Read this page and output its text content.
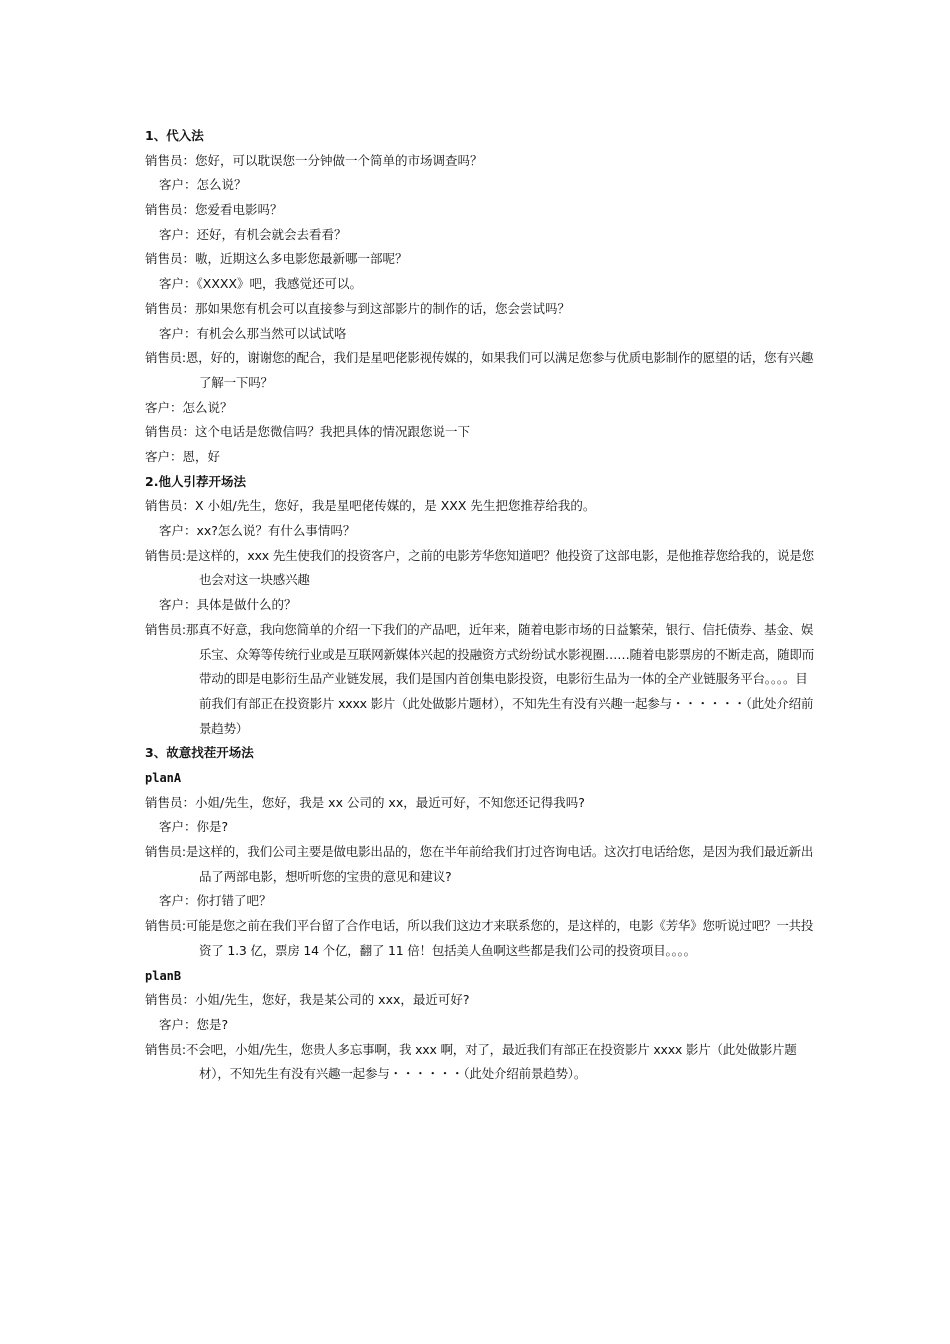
1、代入法
销售员：您好，可以耽误您一分钟做一个简单的市场调查吗？
客户：怎么说？
销售员：您爱看电影吗？
客户：还好，有机会就会去看看？
销售员：嗷，近期这么多电影您最新哪一部呢？
客户：《XXXX》吧，我感觉还可以。
销售员：那如果您有机会可以直接参与到这部影片的制作的话，您会尝试吗？
客户：有机会么那当然可以试试咯
销售员:恩，好的，谢谢您的配合，我们是星吧佬影视传媒的，如果我们可以满足您参与优质电影制作的愿望的话，您有兴趣了解一下吗？
客户：怎么说？
销售员：这个电话是您微信吗？我把具体的情况跟您说一下
客户：恩，好
2.他人引荐开场法
销售员：X 小姐/先生，您好，我是星吧佬传媒的，是 XXX 先生把您推荐给我的。
客户：xx?怎么说？有什么事情吗？
销售员:是这样的，xxx 先生使我们的投资客户，之前的电影芳华您知道吧？他投资了这部电影，是他推荐您给我的，说是您也会对这一块感兴趣
客户：具体是做什么的？
销售员:那真不好意，我向您简单的介绍一下我们的产品吧，近年来，随着电影市场的日益繁荣，银行、信托债券、基金、娱乐宝、众筹等传统行业或是互联网新媒体兴起的投融资方式纷纷试水影视圈……随着电影票房的不断走高，随即而带动的即是电影衍生品产业链发展，我们是国内首创集电影投资，电影衍生品为一体的全产业链服务平台。。。。目前我们有部正在投资影片 xxxx 影片（此处做影片题材），不知先生有没有兴趣一起参与・・・・・・（此处介绍前景趋势）
3、故意找茬开场法
planA
销售员：小姐/先生，您好，我是 xx 公司的 xx，最近可好，不知您还记得我吗?
客户：你是?
销售员:是这样的，我们公司主要是做电影出品的，您在半年前给我们打过咨询电话。这次打电话给您，是因为我们最近新出品了两部电影，想听听您的宝贵的意见和建议?
客户：你打错了吧？
销售员:可能是您之前在我们平台留了合作电话，所以我们这边才来联系您的，是这样的，电影《芳华》您听说过吧？一共投资了 1.3 亿，票房 14 个亿，翻了 11 倍！包括美人鱼啊这些都是我们公司的投资项目。。。。
planB
销售员：小姐/先生，您好，我是某公司的 xxx，最近可好?
客户：您是?
销售员:不会吧，小姐/先生，您贵人多忘事啊，我 xxx 啊，对了，最近我们有部正在投资影片 xxxx 影片（此处做影片题材），不知先生有没有兴趣一起参与・・・・・・（此处介绍前景趋势）。
